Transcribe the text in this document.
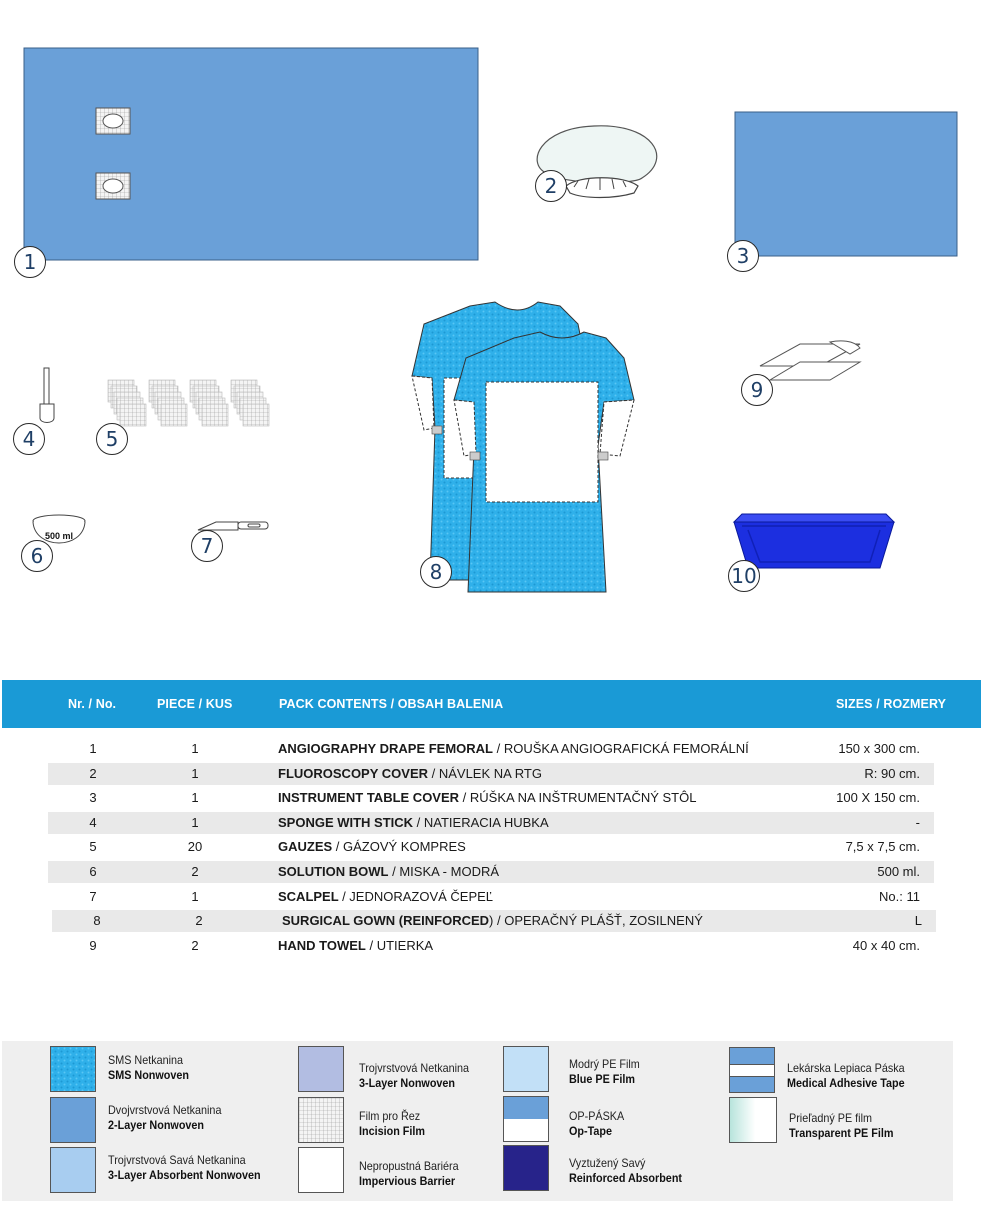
500 ml
1
2
3
4	5
6	7
8
9
10
Nr. / No.	PIECE / KUS	PACK CONTENTS / OBSAH BALENIA	SIZES / ROZMERY
1	1	ANGIOGRAPHY DRAPE FEMORAL / ROUŠKA ANGIOGRAFICKÁ FEMORÁLNÍ	150 x 300 cm.
2	1	FLUOROSCOPY COVER / NÁVLEK NA RTG	R: 90 cm.
3	1	INSTRUMENT TABLE COVER / RÚŠKA NA INŠTRUMENTAČNÝ STÔL	100 X 150 cm.
4	1	SPONGE WITH STICK / NATIERACIA HUBKA	-
5	20	GAUZES / GÁZOVÝ KOMPRES	7,5 x 7,5 cm.
6	2	SOLUTION BOWL / MISKA - MODRÁ	500 ml.
7	1	SCALPEL / JEDNORAZOVÁ ČEPEĽ	No.: 11
8	2	SURGICAL GOWN (REINFORCED) / OPERAČNÝ PLÁŠŤ, ZOSILNENÝ	L
9	2	HAND TOWEL / UTIERKA	40 x 40 cm.
SMS Netkanina
SMS Nonwoven
Dvojvrstvová Netkanina
2-Layer Nonwoven
Trojvrstvová Savá Netkanina
3-Layer Absorbent Nonwoven
Trojvrstvová Netkanina
3-Layer Nonwoven
Film pro Řez
Incision Film
Nepropustná Bariéra
Impervious Barrier
Modrý PE Film
Blue PE Film
OP-PÁSKA
Op-Tape
Vyztužený Savý
Reinforced Absorbent
Lekárska Lepiaca Páska
Medical Adhesive Tape
Prieľadný PE film
Transparent PE Film
